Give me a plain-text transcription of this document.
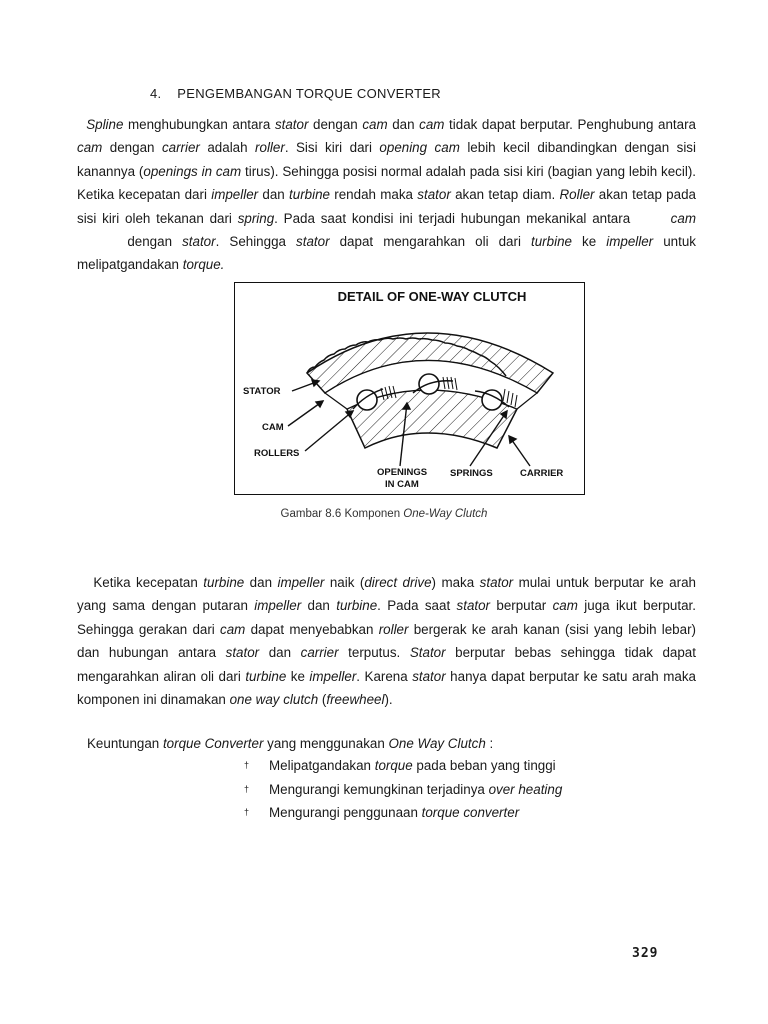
4. PENGEMBANGAN TORQUE CONVERTER

Spline menghubungkan antara stator dengan cam dan cam tidak dapat berputar. Penghubung antara cam dengan carrier adalah roller. Sisi kiri dari opening cam lebih kecil dibandingkan dengan sisi kanannya (openings in cam tirus). Sehingga posisi normal adalah pada sisi kiri (bagian yang lebih kecil). Ketika kecepatan dari impeller dan turbine rendah maka stator akan tetap diam. Roller akan tetap pada sisi kiri oleh tekanan dari spring. Pada saat kondisi ini terjadi hubungan mekanikal antara       cam      dengan stator. Sehingga stator dapat mengarahkan oli dari turbine ke impeller untuk melipatgandakan torque.

DETAIL OF ONE-WAY CLUTCH
STATOR
CAM
ROLLERS
OPENINGS
IN CAM
SPRINGS	CARRIER
Gambar 8.6 Komponen One-Way Clutch

Ketika kecepatan turbine dan impeller naik (direct drive) maka stator mulai untuk berputar ke arah yang sama dengan putaran impeller dan turbine. Pada saat stator berputar cam juga ikut berputar. Sehingga gerakan dari cam dapat menyebabkan roller bergerak ke arah kanan (sisi yang lebih lebar) dan hubungan antara stator dan carrier terputus. Stator berputar bebas sehingga tidak dapat mengarahkan aliran oli dari turbine ke impeller. Karena stator hanya dapat berputar ke satu arah maka komponen ini dinamakan one way clutch (freewheel).

Keuntungan torque Converter yang menggunakan One Way Clutch :
† Melipatgandakan torque pada beban yang tinggi
† Mengurangi kemungkinan terjadinya over heating
† Mengurangi penggunaan torque converter
329
